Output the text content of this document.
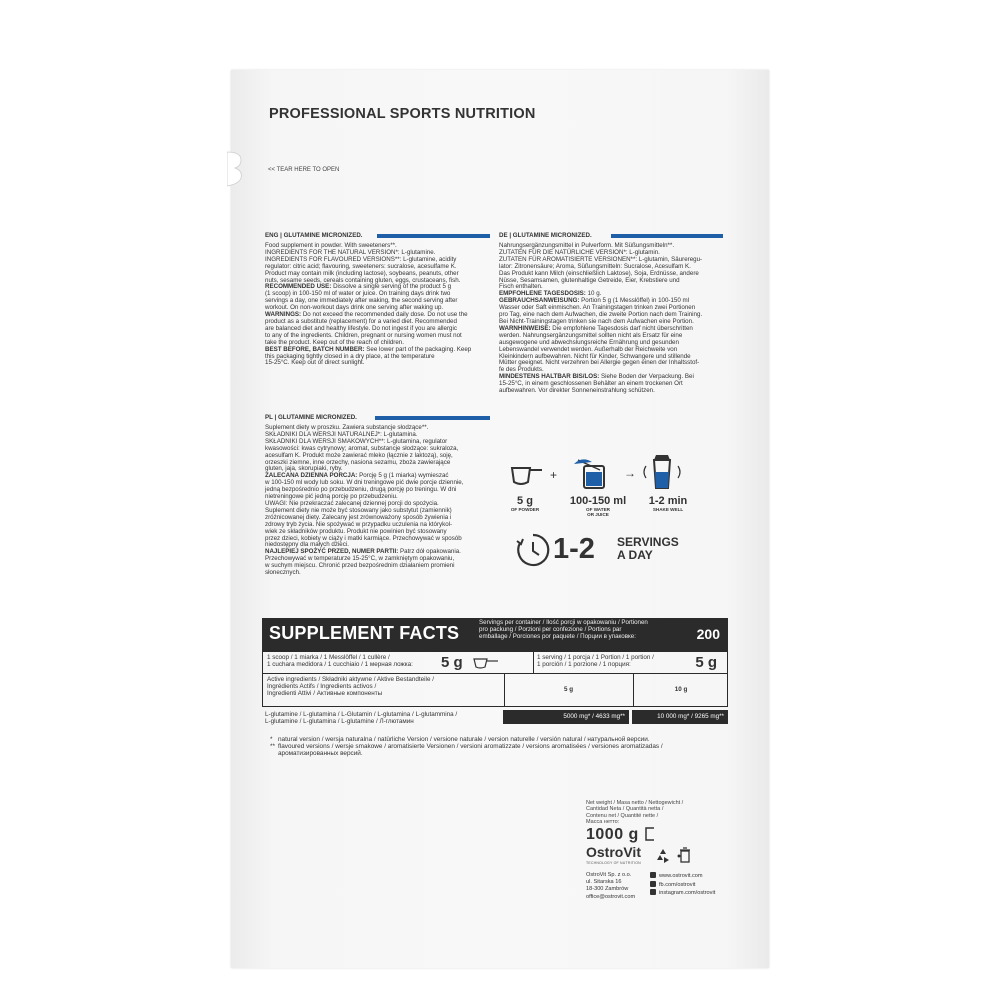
PROFESSIONAL SPORTS NUTRITION
<< TEAR HERE TO OPEN
ENG | GLUTAMINE MICRONIZED.

Food supplement in powder. With sweeteners**.

INGREDIENTS FOR THE NATURAL VERSION*: L-glutamine.

INGREDIENTS FOR FLAVOURED VERSIONS**: L-glutamine, acidity

regulator: citric acid; flavouring, sweeteners: sucralose, acesulfame K.

Product may contain milk (including lactose), soybeans, peanuts, other

nuts, sesame seeds, cereals containing gluten, eggs, crustaceans, fish.

RECOMMENDED USE: Dissolve a single serving of the product 5 g

(1 scoop) in 100-150 ml of water or juice. On training days drink two

servings a day, one immediately after waking, the second serving after

workout. On non-workout days drink one serving after waking up.

WARNINGS: Do not exceed the recommended daily dose. Do not use the

product as a substitute (replacement) for a varied diet. Recommended

are balanced diet and healthy lifestyle. Do not ingest if you are allergic

to any of the ingredients. Children, pregnant or nursing women must not

take the product. Keep out of the reach of children.

BEST BEFORE, BATCH NUMBER: See lower part of the packaging. Keep

this packaging tightly closed in a dry place, at the temperature

15-25°C. Keep out of direct sunlight.

DE | GLUTAMINE MICRONIZED.

Nahrungsergänzungsmittel in Pulverform. Mit Süßungsmitteln**.

ZUTATEN FÜR DIE NATÜRLICHE VERSION*: L-glutamin.

ZUTATEN FÜR AROMATISIERTE VERSIONEN**: L-glutamin, Säureregu-

lator: Zitronensäure; Aroma, Süßungsmitteln: Sucralose, Acesulfam K.

Das Produkt kann Milch (einschließlich Laktose), Soja, Erdnüsse, andere

Nüsse, Sesamsamen, glutenhaltige Getreide, Eier, Krebstiere und

Fisch enthalten.

EMPFOHLENE TAGESDOSIS: 10 g.

GEBRAUCHSANWEISUNG: Portion 5 g (1 Messlöffel) in 100-150 ml

Wasser oder Saft einmischen. An Trainingstagen trinken zwei Portionen

pro Tag, eine nach dem Aufwachen, die zweite Portion nach dem Training.

Bei Nicht-Trainingstagen trinken sie nach dem Aufwachen eine Portion.

WARNHINWEISE: Die empfohlene Tagesdosis darf nicht überschritten

werden. Nahrungsergänzungsmittel sollten nicht als Ersatz für eine

ausgewogene und abwechslungsreiche Ernährung und gesunden

Lebenswandel verwendet werden. Außerhalb der Reichweite von

Kleinkindern aufbewahren. Nicht für Kinder, Schwangere und stillende

Mütter geeignet. Nicht verzehren bei Allergie gegen einen der Inhaltsstof-

fe des Produkts.

MINDESTENS HALTBAR BIS/LOS: Siehe Boden der Verpackung. Bei

15-25°C, in einem geschlossenen Behälter an einem trockenen Ort

aufbewahren. Vor direkter Sonneneinstrahlung schützen.

PL | GLUTAMINE MICRONIZED.

Suplement diety w proszku. Zawiera substancje słodzące**.

SKŁADNIKI DLA WERSJI NATURALNEJ*: L-glutamina.

SKŁADNIKI DLA WERSJI SMAKOWYCH**: L-glutamina, regulator

kwasowości: kwas cytrynowy; aromat, substancje słodzące: sukraloza,

acesulfam K. Produkt może zawierać mleko (łącznie z laktozą), soję,

orzeszki ziemne, inne orzechy, nasiona sezamu, zboża zawierające

gluten, jaja, skorupiaki, ryby.

ZALECANA DZIENNA PORCJA: Porcję 5 g (1 miarka) wymieszać

w 100-150 ml wody lub soku. W dni treningowe pić dwie porcje dziennie,

jedną bezpośrednio po przebudzeniu, drugą porcję po treningu. W dni

nietreningowe pić jedną porcję po przebudzeniu.

UWAGI: Nie przekraczać zalecanej dziennej porcji do spożycia.

Suplement diety nie może być stosowany jako substytut (zamiennik)

zróżnicowanej diety. Zalecany jest zrównoważony sposób żywienia i

zdrowy tryb życia. Nie spożywać w przypadku uczulenia na którykol-

wiek ze składników produktu. Produkt nie powinien być stosowany

przez dzieci, kobiety w ciąży i matki karmiące. Przechowywać w sposób

niedostępny dla małych dzieci.

NAJLEPIEJ SPOŻYĆ PRZED, NUMER PARTII: Patrz dół opakowania.

Przechowywać w temperaturze 15-25°C, w zamkniętym opakowaniu,

w suchym miejscu. Chronić przed bezpośrednim działaniem promieni

słonecznych.

+	→
5 g
OF POWDER
100-150 ml
OF WATER
OR JUICE
1-2 min
SHAKE WELL
1-2 SERVINGS
A DAY
SUPPLEMENT FACTS
Servings per container / Ilość porcji w opakowaniu / Portionen
pro packung / Porzioni per confezione / Portions par
emballage / Porciones por paquete / Порции в упаковке:	200
1 scoop / 1 miarka / 1 Messlöffel / 1 cullère /
1 cuchara medidora / 1 cucchiaio / 1 мерная ложка: 5 g	1 serving / 1 porcja / 1 Portion / 1 portion /
1 porción / 1 porzione / 1 порция:	5 g
Active ingredients / Składniki aktywne / Aktive Bestandteile /
Ingrédients Actifs / Ingredients activos /
Ingredienti Attivi / Активные компоненты
5 g	10 g
L-glutamine / L-glutamina / L-Glutamin / L-glutamina / L-glutammina /
L-glutamine / L-glutamina / L-glutamine / Л-глютамин
5000 mg* / 4633 mg**	10 000 mg* / 9265 mg**
* natural version / wersja naturalna / natürliche Version / versione naturale / version naturelle / versión natural / натуральной версии.
** flavoured versions / wersje smakowe / aromatisierte Versionen / versioni aromatizzate / versions aromatisées / versiones aromatizadas /
ароматизированных версий.
Net weight / Masa netto / Nettogewicht /
Cantidad Neta / Quantità netta /
Contenu net / Quantité nette /
Масса нетто:
1000 g
OstroVit
TECHNOLOGY OF NUTRITION
OstroVit Sp. z o.o.
ul. Sitarska 16
18-300 Zambrów
office@ostrovit.com
www.ostrovit.com
fb.com/ostrovit
instagram.com/ostrovit
